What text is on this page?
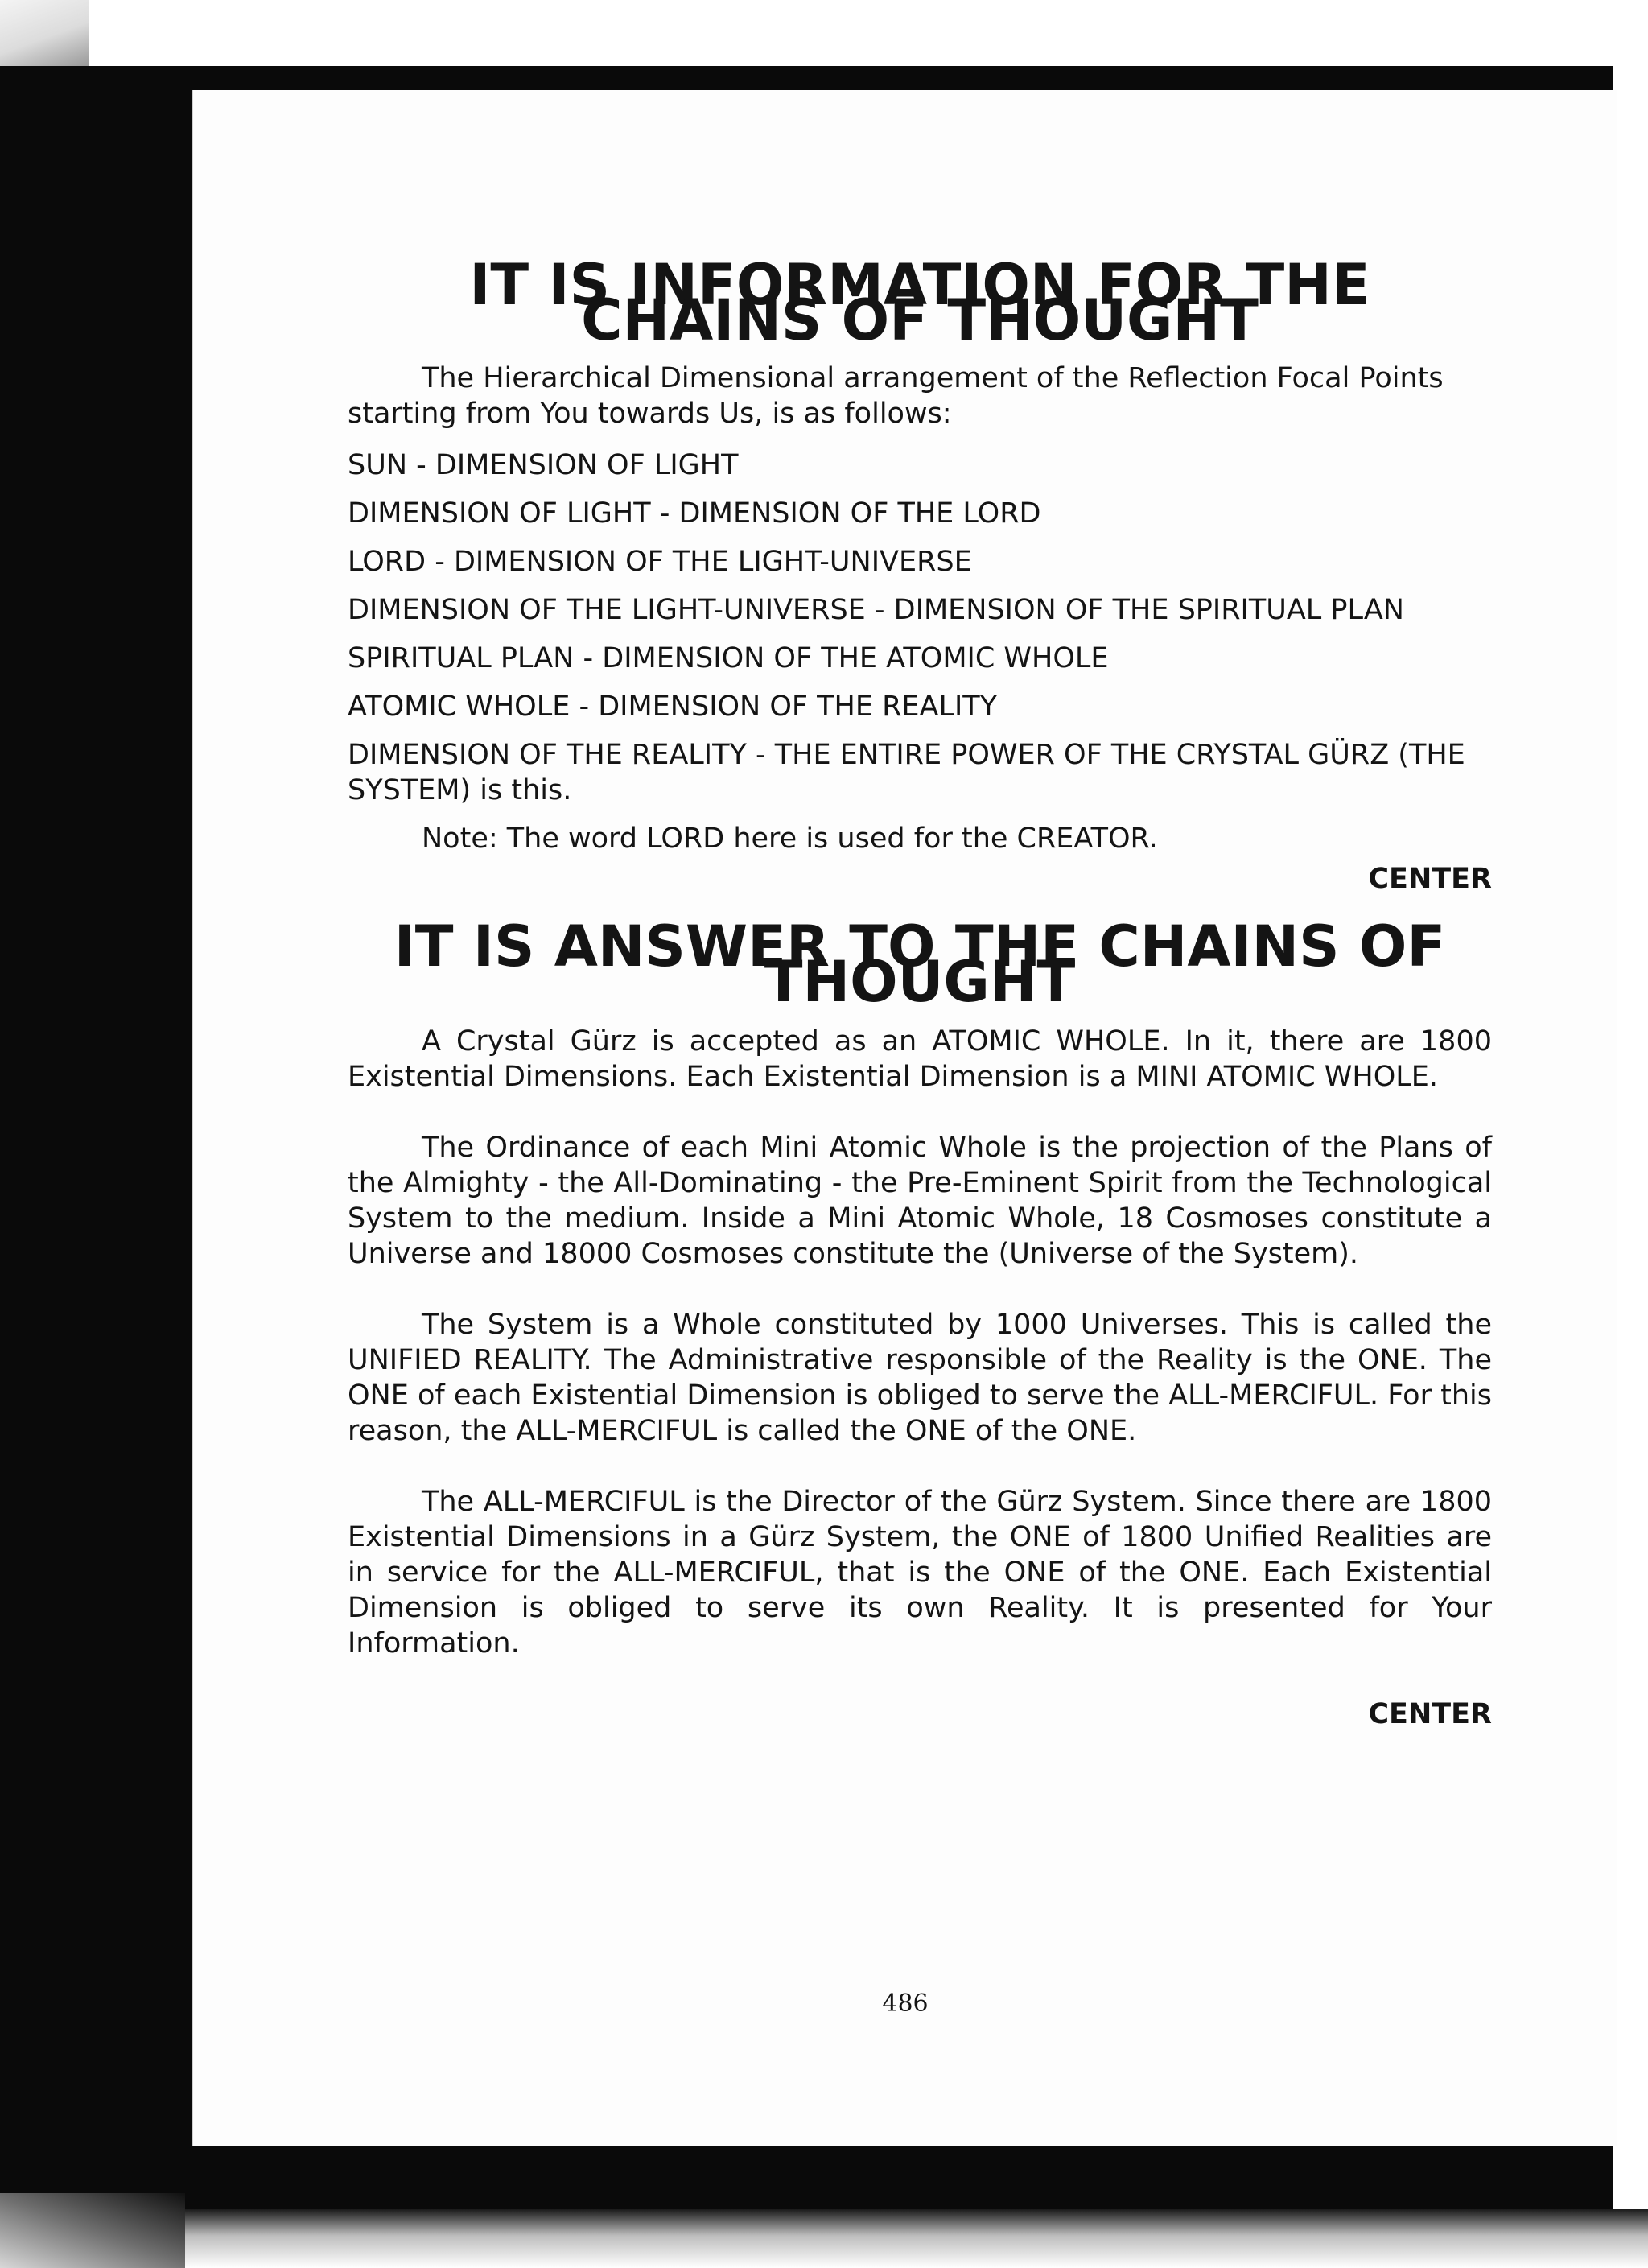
IT IS INFORMATION FOR THE CHAINS OF THOUGHT

The Hierarchical Dimensional arrangement of the Reflection Focal Points starting from You towards Us, is as follows:

SUN - DIMENSION OF LIGHT
DIMENSION OF LIGHT - DIMENSION OF THE LORD
LORD - DIMENSION OF THE LIGHT-UNIVERSE
DIMENSION OF THE LIGHT-UNIVERSE - DIMENSION OF THE SPIRITUAL PLAN
SPIRITUAL PLAN - DIMENSION OF THE ATOMIC WHOLE
ATOMIC WHOLE - DIMENSION OF THE REALITY
DIMENSION OF THE REALITY - THE ENTIRE POWER OF THE CRYSTAL GÜRZ (THE SYSTEM) is this.

Note: The word LORD here is used for the CREATOR.

CENTER

IT IS ANSWER TO THE CHAINS OF THOUGHT

A Crystal Gürz is accepted as an ATOMIC WHOLE. In it, there are 1800 Existential Dimensions. Each Existential Dimension is a MINI ATOMIC WHOLE.

The Ordinance of each Mini Atomic Whole is the projection of the Plans of the Almighty - the All-Dominating - the Pre-Eminent Spirit from the Technological System to the medium. Inside a Mini Atomic Whole, 18 Cosmoses constitute a Universe and 18000 Cosmoses constitute the (Universe of the System).

The System is a Whole constituted by 1000 Universes. This is called the UNIFIED REALITY. The Administrative responsible of the Reality is the ONE. The ONE of each Existential Dimension is obliged to serve the ALL-MERCIFUL. For this reason, the ALL-MERCIFUL is called the ONE of the ONE.

The ALL-MERCIFUL is the Director of the Gürz System. Since there are 1800 Existential Dimensions in a Gürz System, the ONE of 1800 Unified Realities are in service for the ALL-MERCIFUL, that is the ONE of the ONE. Each Existential Dimension is obliged to serve its own Reality. It is presented for Your Information.

CENTER

486
